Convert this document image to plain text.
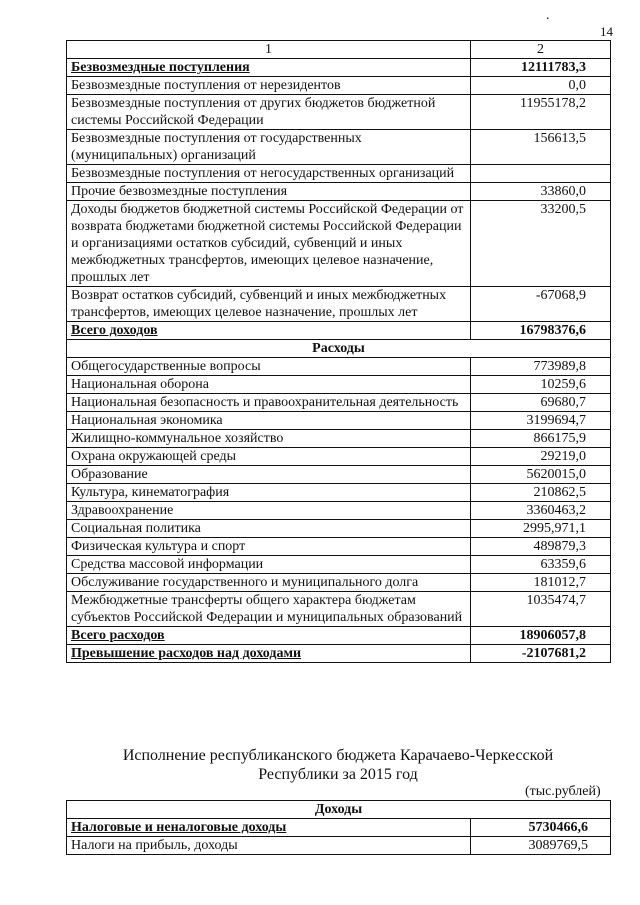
.
14
1	2
Безвозмездные поступления	12111783,3
Безвозмездные поступления от нерезидентов	0,0
Безвозмездные поступления от других бюджетов бюджетной системы Российской Федерации	11955178,2
Безвозмездные поступления от государственных (муниципальных) организаций	156613,5
Безвозмездные поступления от негосударственных организаций	
Прочие безвозмездные поступления	33860,0
Доходы бюджетов бюджетной системы Российской Федерации от возврата бюджетами бюджетной системы Российской Федерации и организациями остатков субсидий, субвенций и иных межбюджетных трансфертов, имеющих целевое назначение, прошлых лет	33200,5
Возврат остатков субсидий, субвенций и иных межбюджетных трансфертов, имеющих целевое назначение, прошлых лет	-67068,9
Всего доходов	16798376,6
Расходы	
Общегосударственные вопросы	773989,8
Национальная оборона	10259,6
Национальная безопасность и правоохранительная деятельность	69680,7
Национальная экономика	3199694,7
Жилищно-коммунальное хозяйство	866175,9
Охрана окружающей среды	29219,0
Образование	5620015,0
Культура, кинематография	210862,5
Здравоохранение	3360463,2
Социальная политика	2995,971,1
Физическая культура и спорт	489879,3
Средства массовой информации	63359,6
Обслуживание государственного и муниципального долга	181012,7
Межбюджетные трансферты общего характера бюджетам субъектов Российской Федерации и муниципальных образований	1035474,7
Всего расходов	18906057,8
Превышение расходов над доходами	-2107681,2
Исполнение республиканского бюджета Карачаево-Черкесской
Республики за 2015 год
(тыс.рублей)
Доходы	
Налоговые и неналоговые доходы	5730466,6
Налоги на прибыль, доходы	3089769,5
